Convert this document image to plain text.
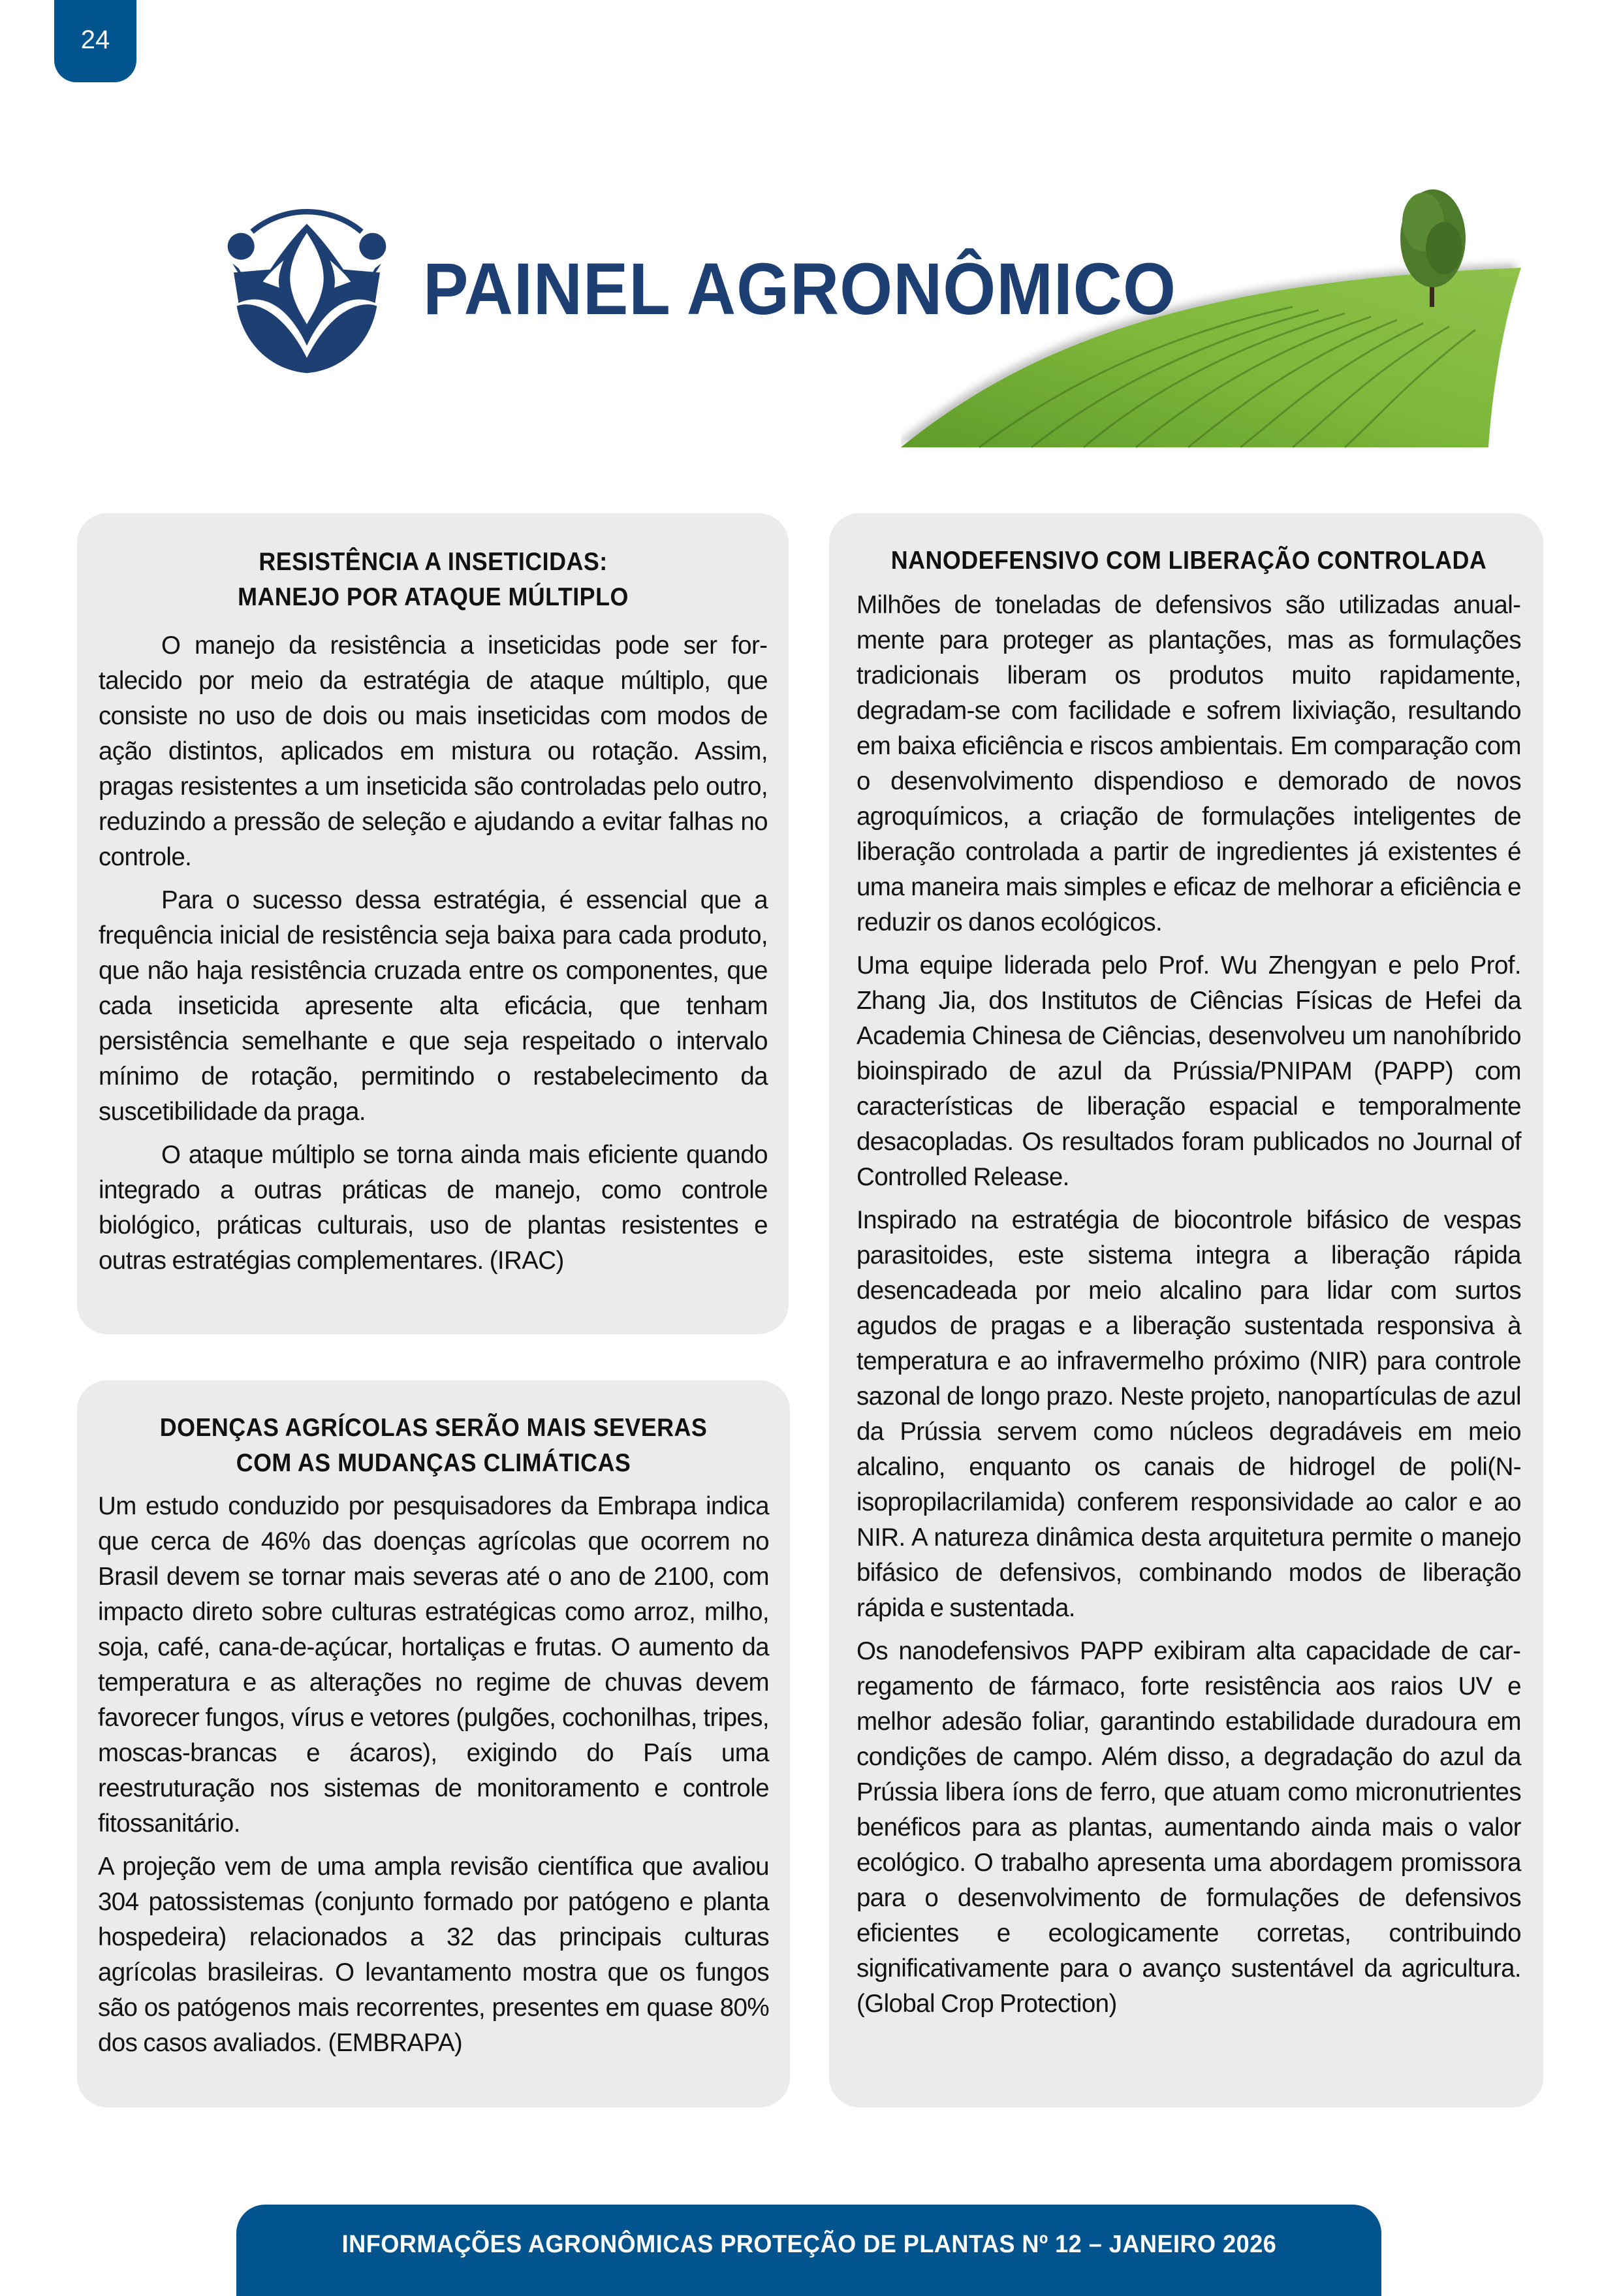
24
PAINEL AGRONÔMICO
RESISTÊNCIA A INSETICIDAS:
MANEJO POR ATAQUE MÚLTIPLO

O manejo da resistência a inseticidas pode ser fortalecido por meio da estratégia de ataque múltiplo, que consiste no uso de dois ou mais inseticidas com modos de ação distintos, aplicados em mistura ou rotação. Assim, pragas resistentes a um inseticida são controladas pelo outro, reduzindo a pressão de seleção e ajudando a evitar falhas no controle.

Para o sucesso dessa estratégia, é essencial que a frequência inicial de resistência seja baixa para cada produto, que não haja resistência cruzada entre os componentes, que cada inseticida apresente alta eficácia, que tenham persistência semelhante e que seja respeitado o intervalo mínimo de rotação, permitindo o restabelecimento da suscetibilidade da praga.

O ataque múltiplo se torna ainda mais eficiente quando integrado a outras práticas de manejo, como controle biológico, práticas culturais, uso de plantas resistentes e outras estratégias complementares. (IRAC)

DOENÇAS AGRÍCOLAS SERÃO MAIS SEVERAS
COM AS MUDANÇAS CLIMÁTICAS

Um estudo conduzido por pesquisadores da Embrapa indica que cerca de 46% das doenças agrícolas que ocorrem no Brasil devem se tornar mais severas até o ano de 2100, com impacto direto sobre culturas estratégicas como arroz, milho, soja, café, cana-de-açúcar, hortaliças e frutas. O aumento da temperatura e as alterações no regime de chuvas devem favorecer fungos, vírus e vetores (pulgões, cochonilhas, tripes, moscas-brancas e ácaros), exigindo do País uma reestruturação nos sistemas de monitoramento e controle fitossanitário.

A projeção vem de uma ampla revisão científica que avaliou 304 patossistemas (conjunto formado por patógeno e planta hospedeira) relacionados a 32 das principais culturas agrícolas brasileiras. O levantamento mostra que os fungos são os patógenos mais recorrentes, presentes em quase 80% dos casos avaliados. (EMBRAPA)

NANODEFENSIVO COM LIBERAÇÃO CONTROLADA

Milhões de toneladas de defensivos são utilizadas anualmente para proteger as plantações, mas as formulações tradicionais liberam os produtos muito rapidamente, degradam-se com facilidade e sofrem lixiviação, resultando em baixa eficiência e riscos ambientais. Em comparação com o desenvolvimento dispendioso e demorado de novos agroquímicos, a criação de formulações inteligentes de liberação controlada a partir de ingredientes já existentes é uma maneira mais simples e eficaz de melhorar a eficiência e reduzir os danos ecológicos.

Uma equipe liderada pelo Prof. Wu Zhengyan e pelo Prof. Zhang Jia, dos Institutos de Ciências Físicas de Hefei da Academia Chinesa de Ciências, desenvolveu um nanohíbrido bioinspirado de azul da Prússia/PNIPAM (PAPP) com características de liberação espacial e temporalmente desacopladas. Os resultados foram publicados no Journal of Controlled Release.

Inspirado na estratégia de biocontrole bifásico de vespas parasitoides, este sistema integra a liberação rápida desencadeada por meio alcalino para lidar com surtos agudos de pragas e a liberação sustentada responsiva à temperatura e ao infravermelho próximo (NIR) para controle sazonal de longo prazo. Neste projeto, nanopartículas de azul da Prússia servem como núcleos degradáveis em meio alcalino, enquanto os canais de hidrogel de poli(N-isopropilacrilamida) conferem responsividade ao calor e ao NIR. A natureza dinâmica desta arquitetura permite o manejo bifásico de defensivos, combinando modos de liberação rápida e sustentada.

Os nanodefensivos PAPP exibiram alta capacidade de carregamento de fármaco, forte resistência aos raios UV e melhor adesão foliar, garantindo estabilidade duradoura em condições de campo. Além disso, a degradação do azul da Prússia libera íons de ferro, que atuam como micronutrientes benéficos para as plantas, aumentando ainda mais o valor ecológico. O trabalho apresenta uma abordagem promissora para o desenvolvimento de formulações de defensivos eficientes e ecologicamente corretas, contribuindo significativamente para o avanço sustentável da agricultura. (Global Crop Protection)

INFORMAÇÕES AGRONÔMICAS PROTEÇÃO DE PLANTAS Nº 12 – JANEIRO 2026
